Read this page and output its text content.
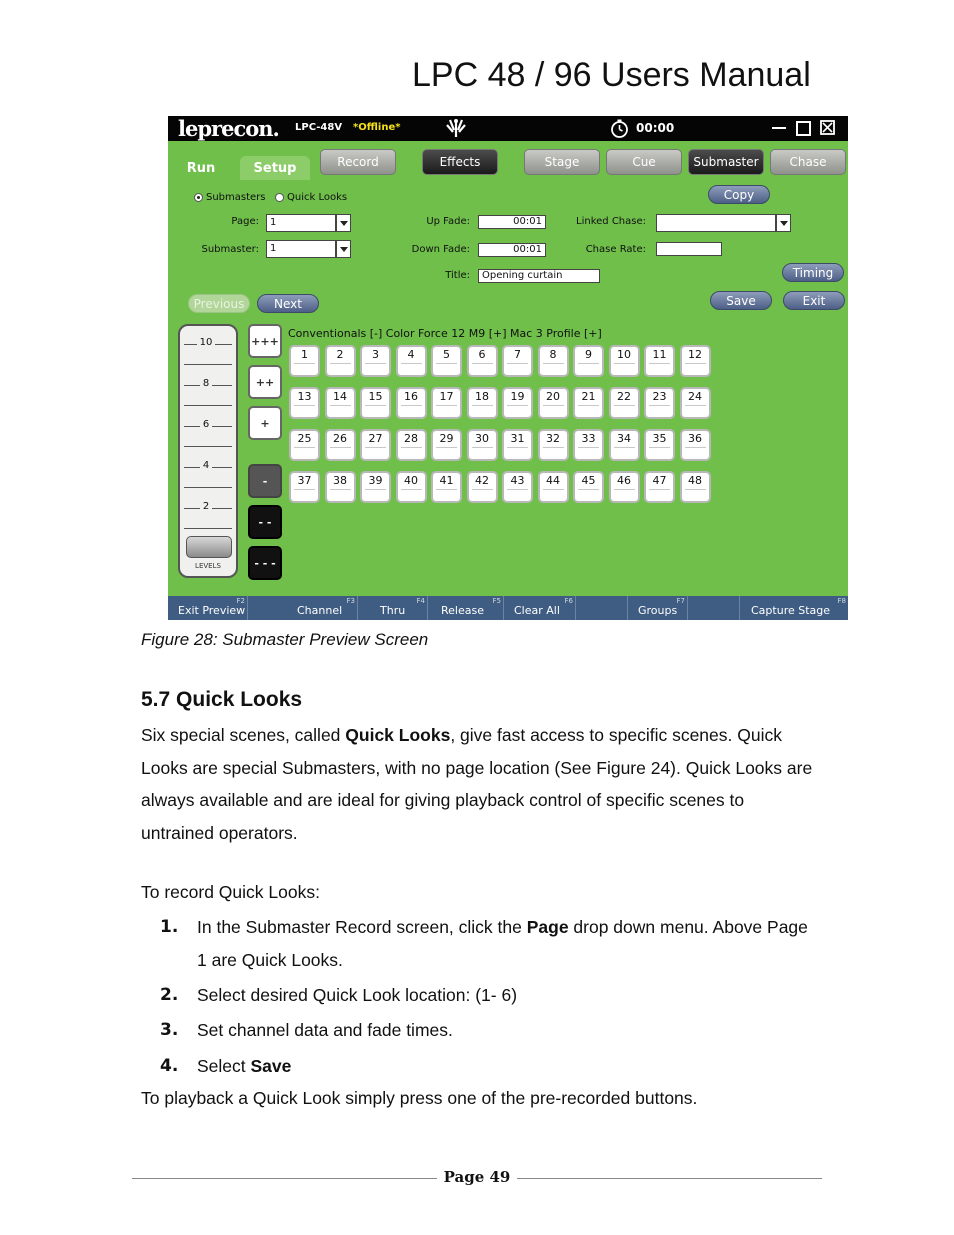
LPC 48 / 96 Users Manual
leprecon. LPC-48V *Offline*	00:00
Run	Setup	Record	Effects	Stage	Cue	Submaster	Chase
Submasters Quick Looks
Page:	1
Submaster:	1
Up Fade:	00:01
Down Fade:	00:01
Title:	Opening curtain
Linked Chase:
Chase Rate:
Copy
Timing
Save	Exit
Previous Next
10
8
6
4
2
LEVELS
+++
++
+
-
- -
- - -
Conventionals [-] Color Force 12 M9 [+] Mac 3 Profile [+]
1	2	3	4	5	6	7	8	9	10	11	12
13	14	15	16	17	18	19	20	21	22	23	24
25	26	27	28	29	30	31	32	33	34	35	36
37	38	39	40	41	42	43	44	45	46	47	48
Exit Preview
F2
Channel
F3
Thru
F4
Release
F5
Clear All
F6
Groups
F7
Capture Stage
F8
Figure 28: Submaster Preview Screen
5.7 Quick Looks
Six special scenes, called Quick Looks, give fast access to specific scenes. Quick Looks are special Submasters, with no page location (See Figure 24). Quick Looks are always available and are ideal for giving playback control of specific scenes to untrained operators.
To record Quick Looks:
1. In the Submaster Record screen, click the Page drop down menu. Above Page 1 are Quick Looks.
2. Select desired Quick Look location: (1- 6)
3. Set channel data and fade times.
4. Select Save
To playback a Quick Look simply press one of the pre-recorded buttons.
Page 49
